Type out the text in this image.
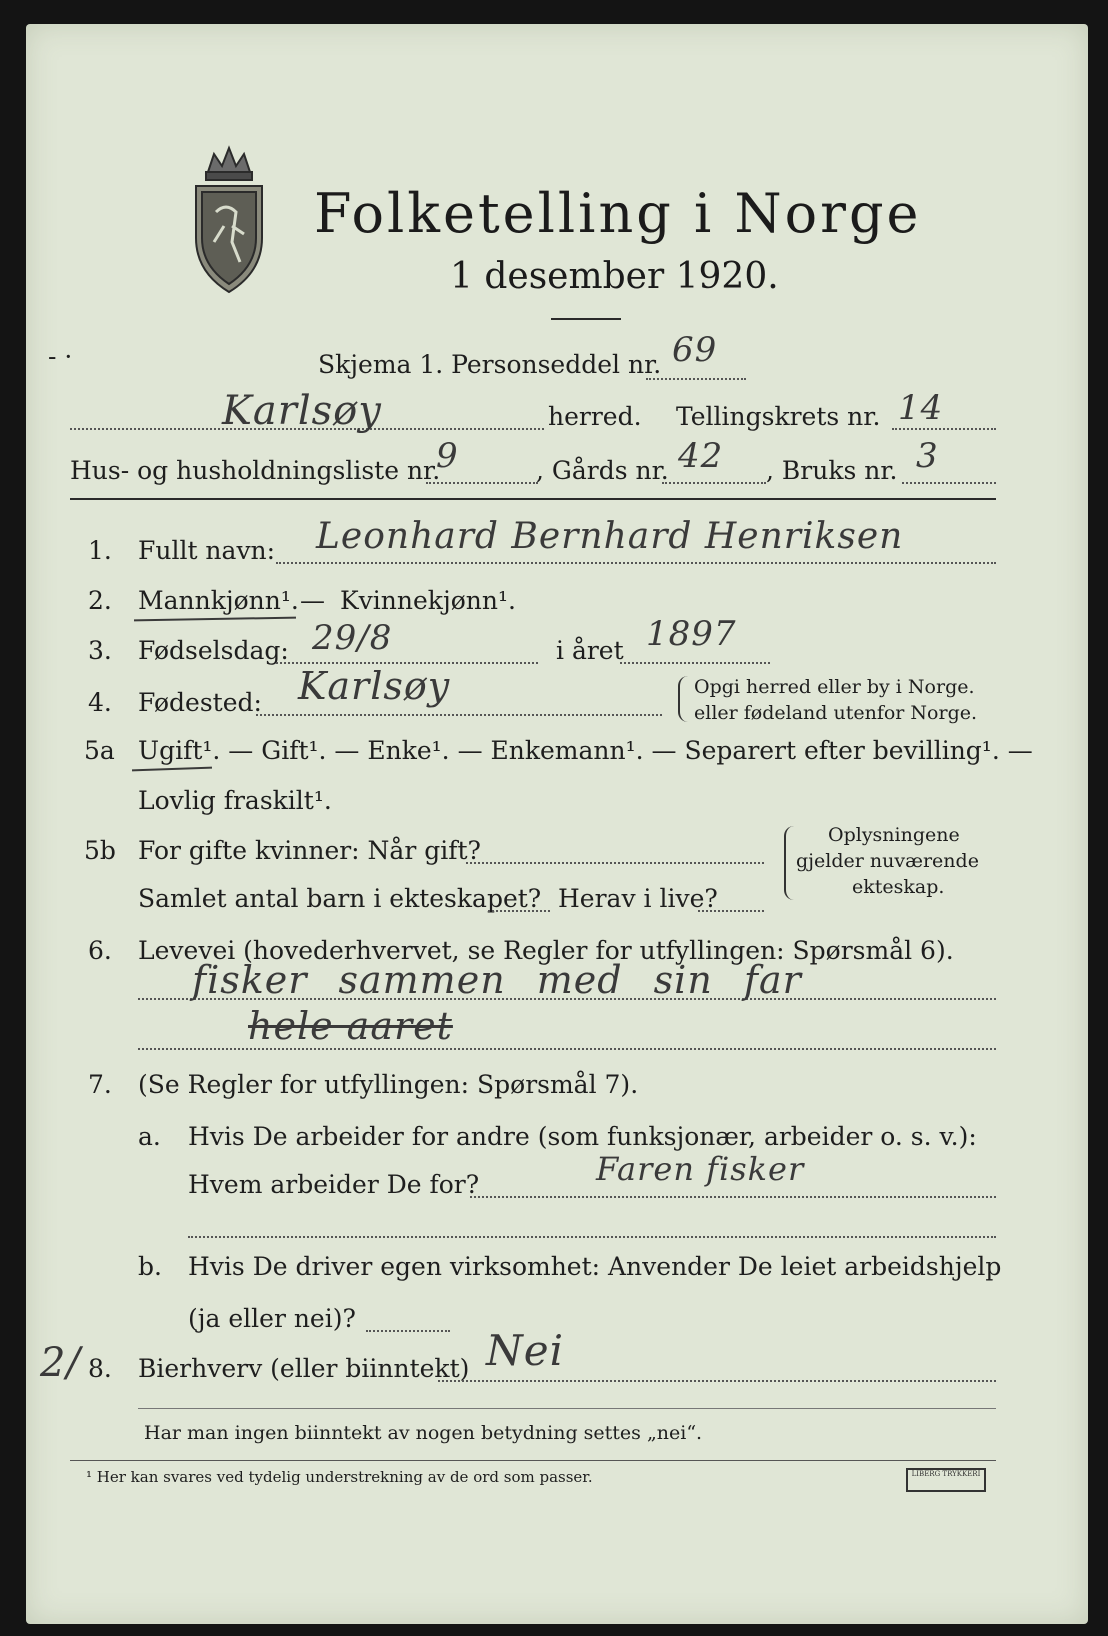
Folketelling i Norge
1 desember 1920.
- ·	Skjema 1. Personseddel nr. 69
Karlsøy	herred. Tellingskrets nr. 14
Hus- og husholdningsliste nr.
9	, Gårds nr. 42 , Bruks nr. 3
1. Fullt navn: Leonhard Bernhard Henriksen
2. Mannkjønn¹. — Kvinnekjønn¹.
3. Fødselsdag: 29/8	i året 1897
4. Fødested: Karlsøy	Opgi herred eller by i Norge.
eller fødeland utenfor Norge.
5a Ugift¹. — Gift¹. — Enke¹. — Enkemann¹. — Separert efter bevilling¹. —
Lovlig fraskilt¹.
5b For gifte kvinner: Når gift?
Samlet antal barn i ekteskapet? Herav i live?
Oplysningene
gjelder nuværende
ekteskap.
6. Levevei (hovederhvervet, se Regler for utfyllingen: Spørsmål 6).
fisker sammen med sin far
hele aaret
7. (Se Regler for utfyllingen: Spørsmål 7).
a. Hvis De arbeider for andre (som funksjonær, arbeider o. s. v.):
Hvem arbeider De for?	Faren fisker
b. Hvis De driver egen virksomhet: Anvender De leiet arbeidshjelp
(ja eller nei)?
2/ 8. Bierhverv (eller biinntekt) Nei
Har man ingen biinntekt av nogen betydning settes „nei“.
¹ Her kan svares ved tydelig understrekning av de ord som passer.	LIBERG TRYKKERI
